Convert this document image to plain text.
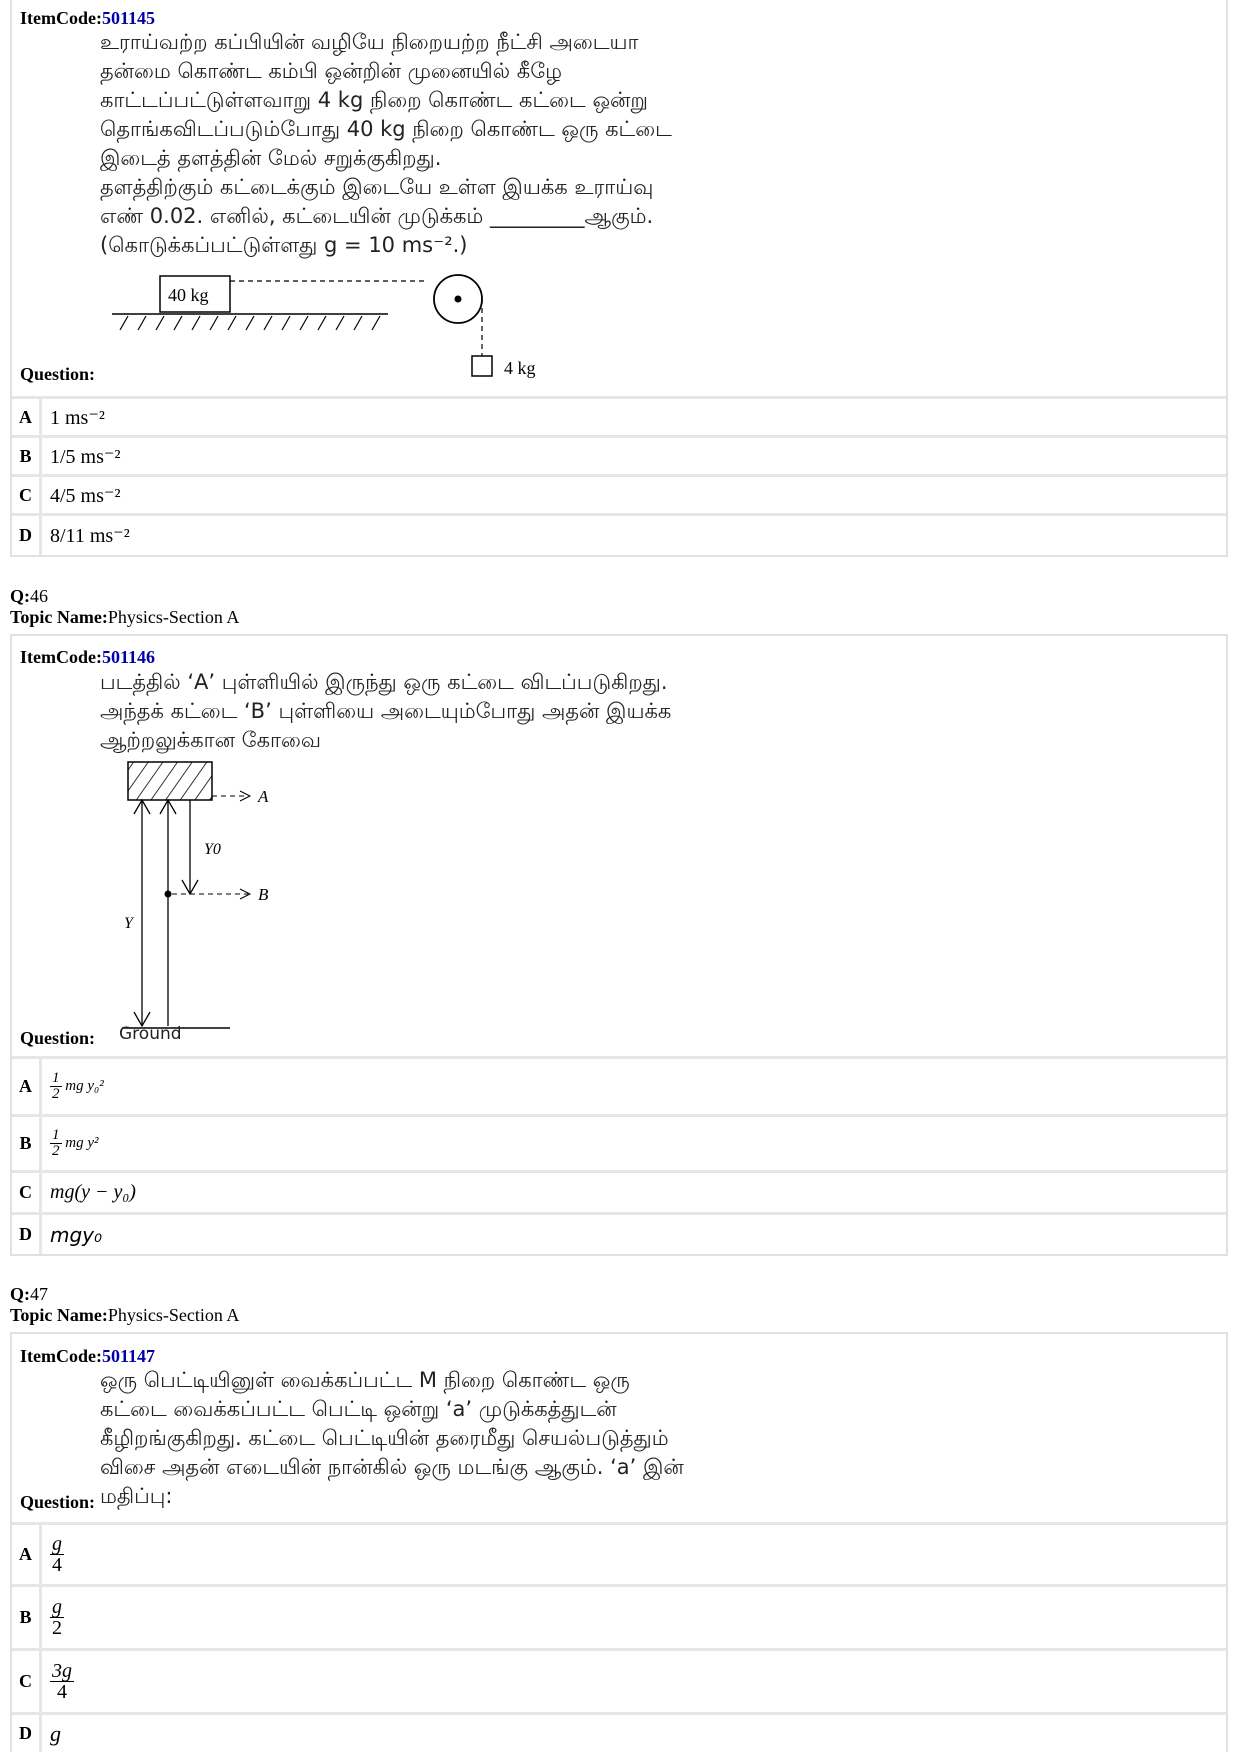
ItemCode:501145
உராய்வற்ற கப்பியின் வழியே நிறையற்ற நீட்சி அடையா
தன்மை கொண்ட கம்பி ஒன்றின் முனையில் கீழே
காட்டப்பட்டுள்ளவாறு 4 kg நிறை கொண்ட கட்டை ஒன்று
தொங்கவிடப்படும்போது 40 kg நிறை கொண்ட ஒரு கட்டை
இடைத் தளத்தின் மேல் சறுக்குகிறது.
தளத்திற்கும் கட்டைக்கும் இடையே உள்ள இயக்க உராய்வு
எண் 0.02. எனில், கட்டையின் முடுக்கம் _________ஆகும்.
(கொடுக்கப்பட்டுள்ளது g = 10 ms⁻².)
40 kg
4 kg
Question:
A 1 ms⁻²
B 1/5 ms⁻²
C 4/5 ms⁻²
D 8/11 ms⁻²
Q:46
Topic Name:Physics-Section A
ItemCode:501146
படத்தில் ‘A’ புள்ளியில் இருந்து ஒரு கட்டை விடப்படுகிறது.
அந்தக் கட்டை ‘B’ புள்ளியை அடையும்போது அதன் இயக்க
ஆற்றலுக்கான கோவை
A
Y
Y0
B
Ground
Question:
A	$\frac{1}{2}$ mg y₀²
B	$\frac{1}{2}$ mg y²
C mg(y − y₀)
D mgy₀
Q:47
Topic Name:Physics-Section A
ItemCode:501147
ஒரு பெட்டியினுள் வைக்கப்பட்ட M நிறை கொண்ட ஒரு
கட்டை வைக்கப்பட்ட பெட்டி ஒன்று ‘a’ முடுக்கத்துடன்
கீழிறங்குகிறது. கட்டை பெட்டியின் தரைமீது செயல்படுத்தும்
விசை அதன் எடையின் நான்கில் ஒரு மடங்கு ஆகும். ‘a’ இன்
மதிப்பு:
Question:
A $\frac{g}{4}$
B $\frac{g}{2}$
C $\frac{3g}{4}$
D g
